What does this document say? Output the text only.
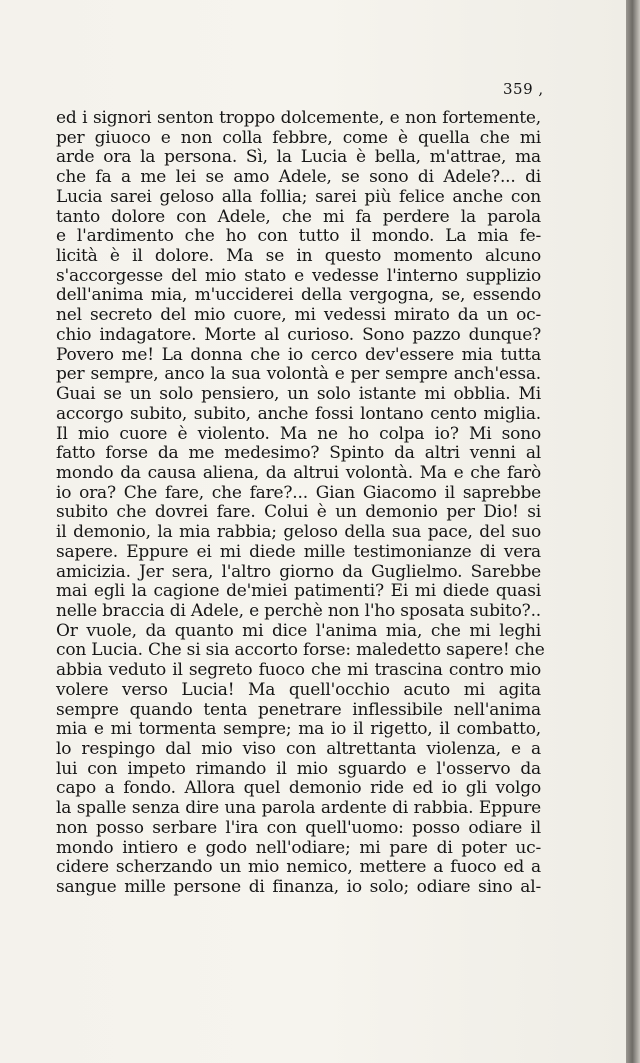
359 ,
ed i signori senton troppo dolcemente, e non fortemente,
per giuoco e non colla febbre, come è quella che mi
arde ora la persona. Sì, la Lucia è bella, m'attrae, ma
che fa a me lei se amo Adele, se sono di Adele?... di
Lucia sarei geloso alla follia; sarei più felice anche con
tanto dolore con Adele, che mi fa perdere la parola
e l'ardimento che ho con tutto il mondo. La mia fe-
licità è il dolore. Ma se in questo momento alcuno
s'accorgesse del mio stato e vedesse l'interno supplizio
dell'anima mia, m'ucciderei della vergogna, se, essendo
nel secreto del mio cuore, mi vedessi mirato da un oc-
chio indagatore. Morte al curioso. Sono pazzo dunque?
Povero me! La donna che io cerco dev'essere mia tutta
per sempre, anco la sua volontà e per sempre anch'essa.
Guai se un solo pensiero, un solo istante mi obblia. Mi
accorgo subito, subito, anche fossi lontano cento miglia.
Il mio cuore è violento. Ma ne ho colpa io? Mi sono
fatto forse da me medesimo? Spinto da altri venni al
mondo da causa aliena, da altrui volontà. Ma e che farò
io ora? Che fare, che fare?... Gian Giacomo il saprebbe
subito che dovrei fare. Colui è un demonio per Dio! si
il demonio, la mia rabbia; geloso della sua pace, del suo
sapere. Eppure ei mi diede mille testimonianze di vera
amicizia. Jer sera, l'altro giorno da Guglielmo. Sarebbe
mai egli la cagione de'miei patimenti? Ei mi diede quasi
nelle braccia di Adele, e perchè non l'ho sposata subito?..
Or vuole, da quanto mi dice l'anima mia, che mi leghi
con Lucia. Che si sia accorto forse: maledetto sapere! che
abbia veduto il segreto fuoco che mi trascina contro mio
volere verso Lucia! Ma quell'occhio acuto mi agita
sempre quando tenta penetrare inflessibile nell'anima
mia e mi tormenta sempre; ma io il rigetto, il combatto,
lo respingo dal mio viso con altrettanta violenza, e a
lui con impeto rimando il mio sguardo e l'osservo da
capo a fondo. Allora quel demonio ride ed io gli volgo
la spalle senza dire una parola ardente di rabbia. Eppure
non posso serbare l'ira con quell'uomo: posso odiare il
mondo intiero e godo nell'odiare; mi pare di poter uc-
cidere scherzando un mio nemico, mettere a fuoco ed a
sangue mille persone di finanza, io solo; odiare sino al-
